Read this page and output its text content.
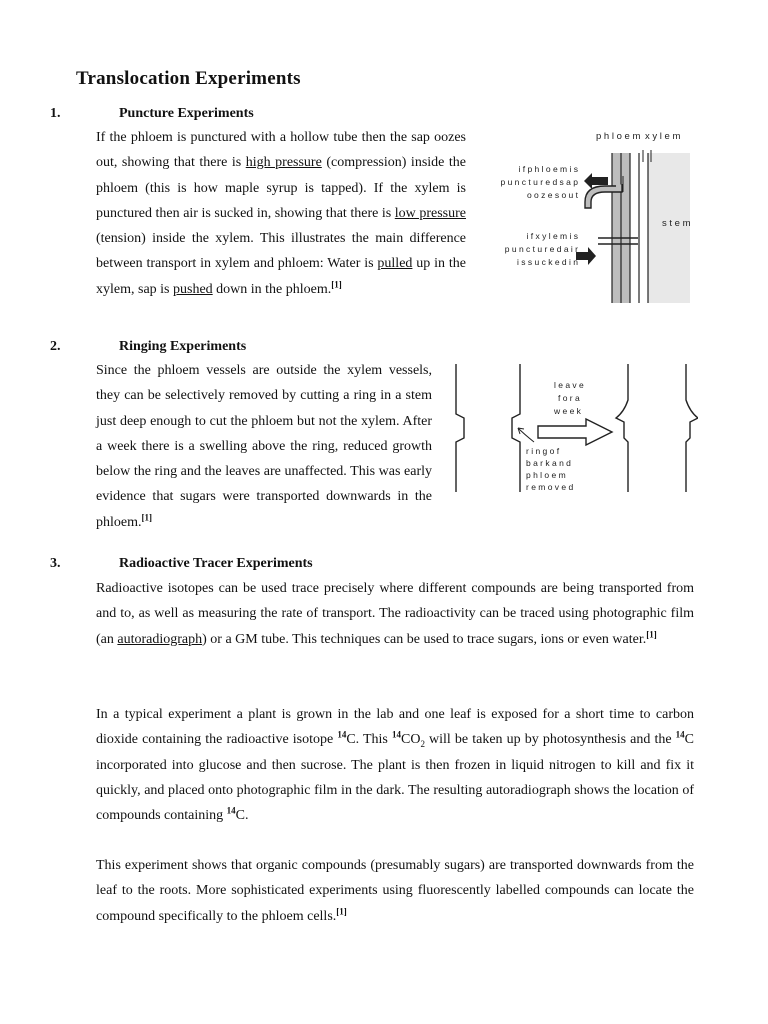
Translocation Experiments
1.	Puncture Experiments
If the phloem is punctured with a hollow tube then the sap oozes out, showing that there is high pressure (compression) inside the phloem (this is how maple syrup is tapped). If the xylem is punctured then air is sucked in, showing that there is low pressure (tension) inside the xylem. This illustrates the main difference between transport in xylem and phloem: Water is pulled up in the xylem, sap is pushed down in the phloem.[1]
p h l o e m x y l e m
s t e m
i f p h l o e m i s
p u n c t u r e d s a p
o o z e s o u t
i f x y l e m i s
p u n c t u r e d a i r
i s s u c k e d i n
2.	Ringing Experiments
Since the phloem vessels are outside the xylem vessels, they can be selectively removed by cutting a ring in a stem just deep enough to cut the phloem but not the xylem. After a week there is a swelling above the ring, reduced growth below the ring and the leaves are unaffected. This was early evidence that sugars were transported downwards in the phloem.[1]
l e a v e
f o r a
w e e k
r i n g o f
b a r k a n d
p h l o e m
r e m o v e d
3.	Radioactive Tracer Experiments
Radioactive isotopes can be used trace precisely where different compounds are being transported from and to, as well as measuring the rate of transport. The radioactivity can be traced using photographic film (an autoradiograph) or a GM tube. This techniques can be used to trace sugars, ions or even water.[1]
In a typical experiment a plant is grown in the lab and one leaf is exposed for a short time to carbon dioxide containing the radioactive isotope $^{14}$C. This $^{14}CO_2$ will be taken up by photosynthesis and the $^{14}$C incorporated into glucose and then sucrose. The plant is then frozen in liquid nitrogen to kill and fix it quickly, and placed onto photographic film in the dark. The resulting autoradiograph shows the location of compounds containing $^{14}$C.
This experiment shows that organic compounds (presumably sugars) are transported downwards from the leaf to the roots. More sophisticated experiments using fluorescently labelled compounds can locate the compound specifically to the phloem cells.[1]
